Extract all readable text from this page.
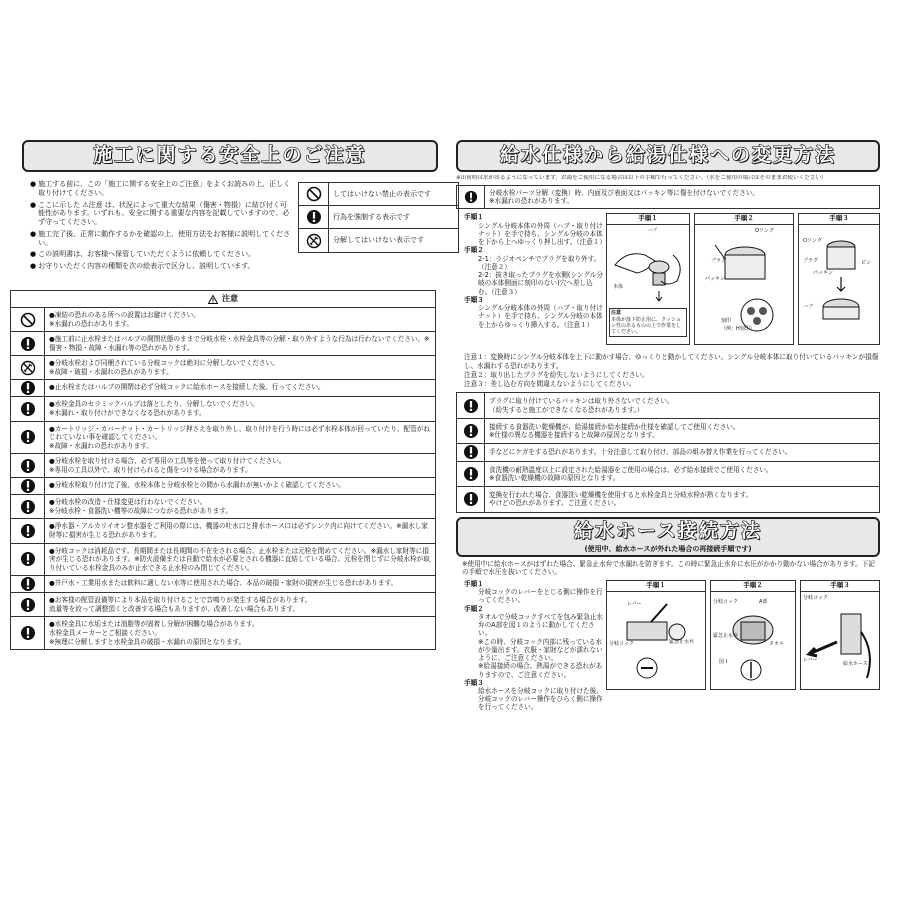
施工に関する安全上のご注意
● 施工する前に、この「施工に関する安全上のご注意」をよくお読みの上、正しく取り付けてください。
● ここに示した ⚠注意 は、状況によって重大な結果（傷害・物損）に結び付く可能性があります。いずれも、安全に関する重要な内容を記載していますので、必ず守ってください。
● 施工完了後、正常に動作するかを確認の上、使用方法をお客様に説明してください。
● この説明書は、お客様へ保管していただくように依頼してください。
● お守りいただく内容の種類を次の絵表示で区分し、説明しています。
してはいけない禁止の表示です
行為を強制する表示です
分解してはいけない表示です
注意
●凍結の恐れのある所への設置はお避けください。
※水漏れの恐れがあります。
●施工前に止水栓またはバルブの開閉状態のままで分岐水栓・水栓金具等の分解・取り外すような行為は行わないでください。※傷害・物損・故障・水漏れ等の恐れがあります。
●分岐水栓および同梱されている分岐コックは絶対に分解しないでください。
※故障・破損・水漏れの恐れがあります。
●止水栓またはバルブの開閉は必ず分岐コックに給水ホースを接続した後、行ってください。
●水栓金具のセラミックバルブは落としたり、分解しないでください。
※水漏れ・取り付けができなくなる恐れがあります。
●カートリッジ・カバーナット・カートリッジ押さえを取り外し、取り付けを行う時には必ず水栓本体が回っていたり、配管がねじれていない事を確認してください。
※故障・水漏れの恐れがあります。
●分岐水栓を取り付ける場合、必ず専用の工具等を使って取り付けてください。
※専用の工具以外で、取り付けられると傷をつける場合があります。
●分岐水栓取り付け完了後、水栓本体と分岐水栓との間から水漏れが無いかよく確認してください。
●分岐水栓の改造・仕様変更は行わないでください。
※分岐水栓・食器洗い機等の故障につながる恐れがあります。
●浄水器・アルカリイオン整水器をご利用の際には、機器の吐水口と排水ホース口は必ずシンク内に向けてください。※漏水し家財等に損害が生じる恐れがあります。
●分岐コックは消耗品です。長期間または長期間の不在をされる場合、止水栓または元栓を閉めてください。※漏水し家財等に損害が生じる恐れがあります。※防火設備または自動で給水が必要とされる機器に直結している場合、元栓を閉じずに分岐水栓が取り付いている水栓金具のみが止水できる止水栓のみ閉じてください。
●井戸水・工業用水または飲料に適しない水等に使用された場合、本品の破損・家財の損害が生じる恐れがあります。
●お客様の配管設備等により本品を取り付けることで音鳴りが発生する場合があります。
流量等を絞って調整頂くと改善する場合もありますが、改善しない場合もあります。
●水栓金具に水垢または油脂等が固着し分解が困難な場合があります。
水栓金具メーカーとご相談ください。
※無理に分解しますと水栓金具の破損・水漏れの原因となります。
給水仕様から給湯仕様への変更方法
※出荷時は水が出るようになっています。お湯をご使用になる場合は以下の手順で行ってください。（水をご使用の場合はそのままお使いください）
分岐水栓パーツ分解（変換）時、内面及び表面又はパッキン等に傷を付けないでください。
※水漏れの恐れがあります。
手順１
シングル分岐本体の外周（ハブ・取り付けナット）を手で持ち、シングル分岐の本体を下から上へゆっくり押し出す。（注意１）
手順２
2-1：ラジオペンチでプラグを取り外す。（注意２）
2-2：抜き取ったプラグを水側(シングル分岐の本体側面に刻印のない)穴へ差し込む。（注意３）
手順３
シングル分岐本体の外周（ハブ・取り付けナット）を手で持ち、シングル分岐の本体を上からゆっくり挿入する。（注意１）
手順１
ハブ
本体
注意
本体が落下防止用に、クッション性のあるものの上で作業をしてください。
手順２
Oリング
プラグ
パッキン
刻印
（例：H刻印）
手順３
Oリング
プラグ
パッキン
ピン
ハブ
注意１：変換時にシングル分岐本体を上下に動かす場合、ゆっくりと動かしてください。シングル分岐本体に取り付いているパッキンが損傷し、水漏れする恐れがあります。
注意２：取り出したプラグを紛失しないようにしてください。
注意３：差し込む方向を間違えないようにしてください。
プラグに取り付けているパッキンは取り外さないでください。
（紛失すると施工ができなくなる恐れがあります。）
接続する食器洗い乾燥機が、給湯接続か給水接続か仕様を確認してご使用ください。
※仕様の異なる機器を接続すると故障の原因となります。
手などにケガをする恐れがあります。十分注意して取り付け、部品の組み替え作業を行ってください。
食洗機の耐熱温度以上に設定された給湯器をご使用の場合は、必ず給水接続でご使用ください。
※食器洗い乾燥機の故障の原因となります。
変換を行われた場合、食器洗い乾燥機を使用すると水栓金具と分岐水栓が熱くなります。
やけどの恐れがあります。ご注意ください。
給水ホース接続方法
(使用中、給水ホースが外れた場合の再接続手順です)
※使用中に給水ホースがはずれた場合、緊急止水弁で水漏れを防ぎます。この時に緊急止水弁に水圧がかかり動かない場合があります。下記の手順で水圧を抜いてください。
手順１
分岐コックのレバーをとじる側に操作を行ってください。
手順２
タオルで分岐コックすべてを包み緊急止水弁のA部を図１のように動かしてください。
※この時、分岐コック内部に残っている水が少量出ます。衣服・家財などが濡れないように、ご注意ください。
※給湯接続の場合、熱湯ができる恐れがありますので、ご注意ください。
手順３
給水ホースを分岐コックに取り付けた後、分岐コックのレバー操作をひらく側に操作を行ってください。
手順１
レバー
分岐コック	緊急止水弁
手順２
分岐コック	A部
緊急止水弁
タオル
図１
手順３
分岐コック
レバー
給水ホース
